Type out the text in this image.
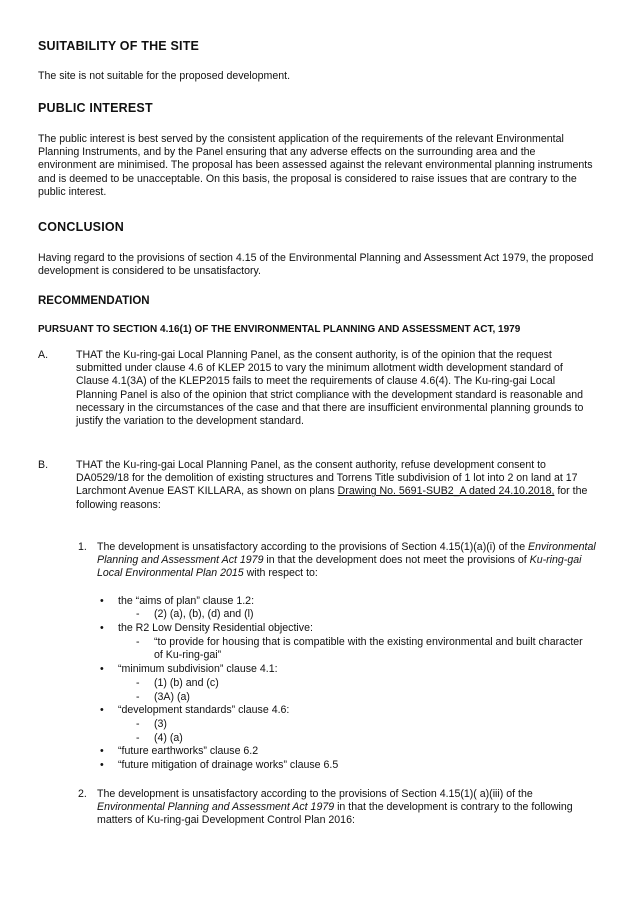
SUITABILITY OF THE SITE

The site is not suitable for the proposed development.

PUBLIC INTEREST

The public interest is best served by the consistent application of the requirements of the relevant Environmental Planning Instruments, and by the Panel ensuring that any adverse effects on the surrounding area and the environment are minimised. The proposal has been assessed against the relevant environmental planning instruments and is deemed to be unacceptable. On this basis, the proposal is considered to raise issues that are contrary to the public interest.

CONCLUSION

Having regard to the provisions of section 4.15 of the Environmental Planning and Assessment Act 1979, the proposed development is considered to be unsatisfactory.

RECOMMENDATION
PURSUANT TO SECTION 4.16(1) OF THE ENVIRONMENTAL PLANNING AND ASSESSMENT ACT, 1979
A.	THAT the Ku-ring-gai Local Planning Panel, as the consent authority, is of the opinion that the request submitted under clause 4.6 of KLEP 2015 to vary the minimum allotment width development standard of Clause 4.1(3A) of the KLEP2015 fails to meet the requirements of clause 4.6(4). The Ku-ring-gai Local Planning Panel is also of the opinion that strict compliance with the development standard is reasonable and necessary in the circumstances of the case and that there are insufficient environmental planning grounds to justify the variation to the development standard.

B.	THAT the Ku-ring-gai Local Planning Panel, as the consent authority, refuse development consent to DA0529/18 for the demolition of existing structures and Torrens Title subdivision of 1 lot into 2 on land at 17 Larchmont Avenue EAST KILLARA, as shown on plans Drawing No. 5691-SUB2_A dated 24.10.2018, for the following reasons:

1. The development is unsatisfactory according to the provisions of Section 4.15(1)(a)(i) of the Environmental Planning and Assessment Act 1979 in that the development does not meet the provisions of Ku-ring-gai Local Environmental Plan 2015 with respect to:

• the “aims of plan” clause 1.2:
- (2) (a), (b), (d) and (l)

• the R2 Low Density Residential objective:
- “to provide for housing that is compatible with the existing environmental and built character of Ku-ring-gai”

• “minimum subdivision” clause 4.1:
- (1) (b) and (c)

- (3A) (a)

• “development standards” clause 4.6:
- (3)

- (4) (a)

• “future earthworks” clause 6.2
• “future mitigation of drainage works” clause 6.5
2. The development is unsatisfactory according to the provisions of Section 4.15(1)( a)(iii) of the Environmental Planning and Assessment Act 1979 in that the development is contrary to the following matters of Ku-ring-gai Development Control Plan 2016:
